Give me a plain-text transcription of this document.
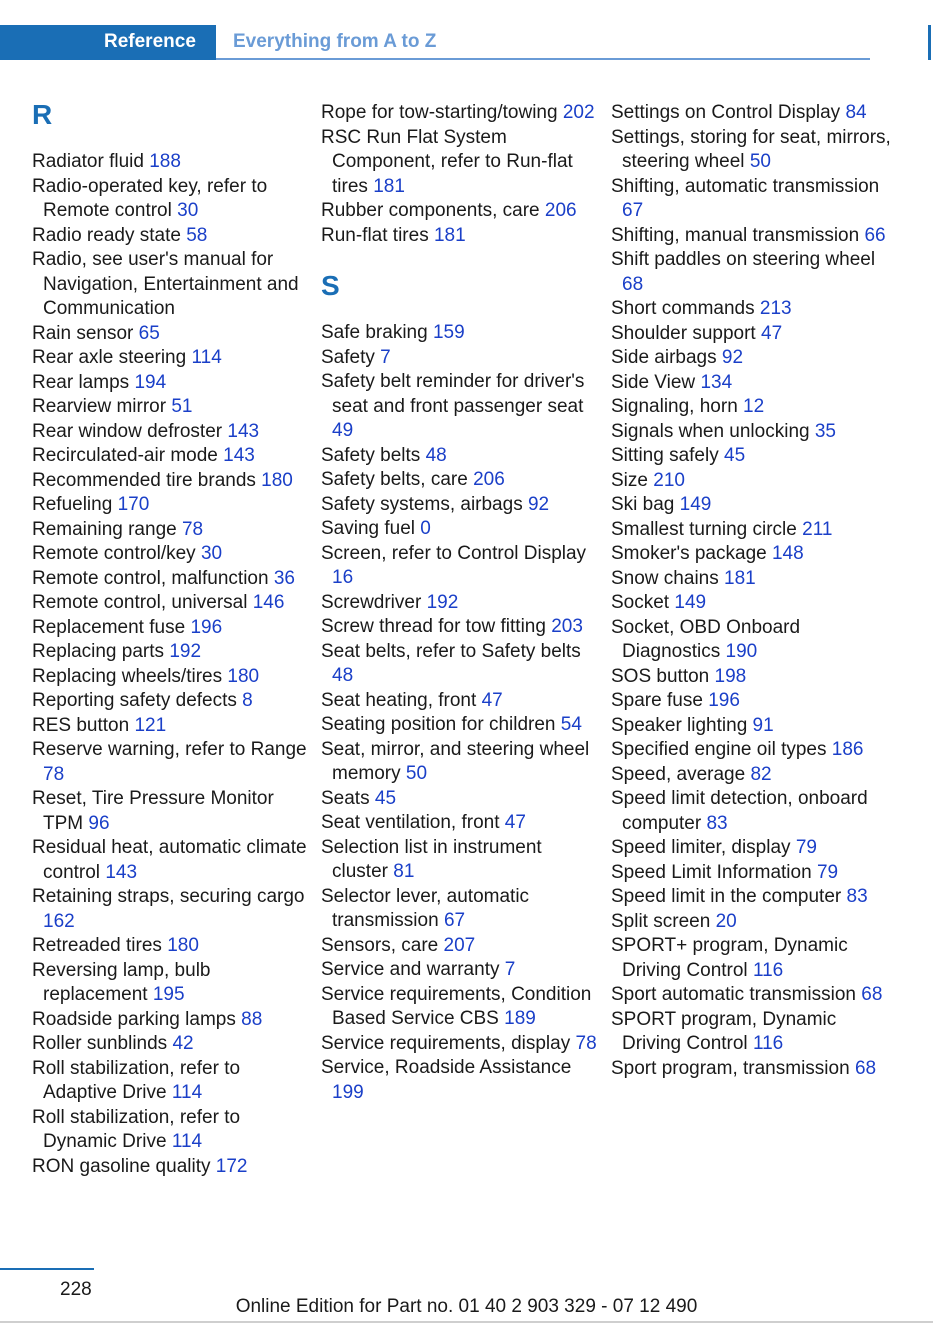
Reference Everything from A to Z
R
Radiator fluid 188
Radio-operated key, refer to Remote control 30
Radio ready state 58
Radio, see user's manual for Navigation, Entertainment and Communication
Rain sensor 65
Rear axle steering 114
Rear lamps 194
Rearview mirror 51
Rear window defroster 143
Recirculated-air mode 143
Recommended tire brands 180
Refueling 170
Remaining range 78
Remote control/key 30
Remote control, malfunction 36
Remote control, universal 146
Replacement fuse 196
Replacing parts 192
Replacing wheels/tires 180
Reporting safety defects 8
RES button 121
Reserve warning, refer to Range 78
Reset, Tire Pressure Monitor TPM 96
Residual heat, automatic climate control 143
Retaining straps, securing cargo 162
Retreaded tires 180
Reversing lamp, bulb replacement 195
Roadside parking lamps 88
Roller sunblinds 42
Roll stabilization, refer to Adaptive Drive 114
Roll stabilization, refer to Dynamic Drive 114
RON gasoline quality 172
Rope for tow-starting/towing 202
RSC Run Flat System Component, refer to Run-flat tires 181
Rubber components, care 206
Run-flat tires 181
S
Safe braking 159
Safety 7
Safety belt reminder for driver's seat and front passenger seat 49
Safety belts 48
Safety belts, care 206
Safety systems, airbags 92
Saving fuel 0
Screen, refer to Control Display 16
Screwdriver 192
Screw thread for tow fitting 203
Seat belts, refer to Safety belts 48
Seat heating, front 47
Seating position for children 54
Seat, mirror, and steering wheel memory 50
Seats 45
Seat ventilation, front 47
Selection list in instrument cluster 81
Selector lever, automatic transmission 67
Sensors, care 207
Service and warranty 7
Service requirements, Condition Based Service CBS 189
Service requirements, display 78
Service, Roadside Assistance 199
Settings on Control Display 84
Settings, storing for seat, mirrors, steering wheel 50
Shifting, automatic transmission 67
Shifting, manual transmission 66
Shift paddles on steering wheel 68
Short commands 213
Shoulder support 47
Side airbags 92
Side View 134
Signaling, horn 12
Signals when unlocking 35
Sitting safely 45
Size 210
Ski bag 149
Smallest turning circle 211
Smoker's package 148
Snow chains 181
Socket 149
Socket, OBD Onboard Diagnostics 190
SOS button 198
Spare fuse 196
Speaker lighting 91
Specified engine oil types 186
Speed, average 82
Speed limit detection, onboard computer 83
Speed limiter, display 79
Speed Limit Information 79
Speed limit in the computer 83
Split screen 20
SPORT+ program, Dynamic Driving Control 116
Sport automatic transmission 68
SPORT program, Dynamic Driving Control 116
Sport program, transmission 68
228
Online Edition for Part no. 01 40 2 903 329 - 07 12 490
